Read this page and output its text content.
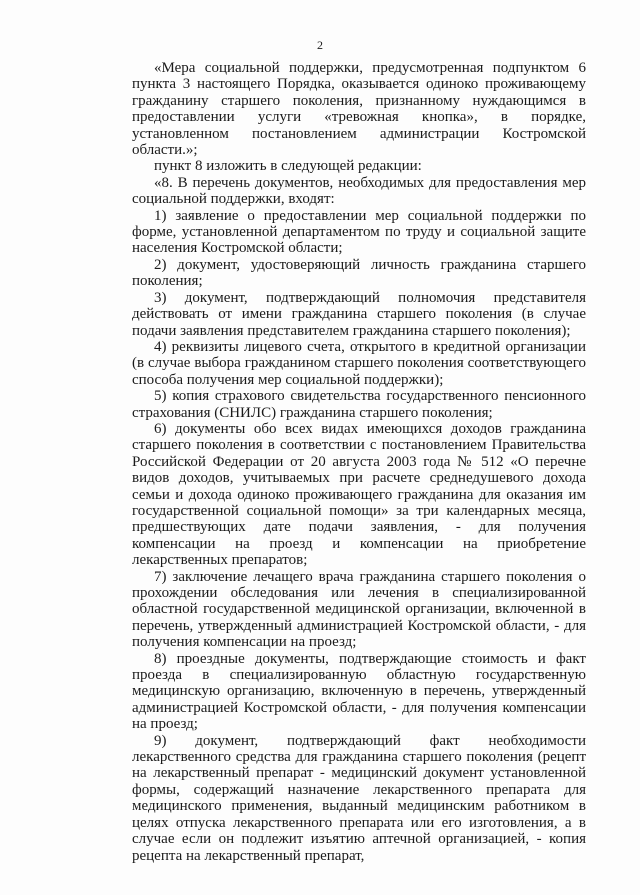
2

«Мера социальной поддержки, предусмотренная подпунктом 6 пункта 3 настоящего Порядка, оказывается одиноко проживающему гражданину старшего поколения, признанному нуждающимся в предоставлении услуги «тревожная кнопка», в порядке, установленном постановлением администрации Костромской области.»;

пункт 8 изложить в следующей редакции:

«8. В перечень документов, необходимых для предоставления мер социальной поддержки, входят:

1) заявление о предоставлении мер социальной поддержки по форме, установленной департаментом по труду и социальной защите населения Костромской области;

2) документ, удостоверяющий личность гражданина старшего поколения;

3) документ, подтверждающий полномочия представителя действовать от имени гражданина старшего поколения (в случае подачи заявления представителем гражданина старшего поколения);

4) реквизиты лицевого счета, открытого в кредитной организации (в случае выбора гражданином старшего поколения соответствующего способа получения мер социальной поддержки);

5) копия страхового свидетельства государственного пенсионного страхования (СНИЛС) гражданина старшего поколения;

6) документы обо всех видах имеющихся доходов гражданина старшего поколения в соответствии с постановлением Правительства Российской Федерации от 20 августа 2003 года № 512 «О перечне видов доходов, учитываемых при расчете среднедушевого дохода семьи и дохода одиноко проживающего гражданина для оказания им государственной социальной помощи» за три календарных месяца, предшествующих дате подачи заявления, - для получения компенсации на проезд и компенсации на приобретение лекарственных препаратов;

7) заключение лечащего врача гражданина старшего поколения о прохождении обследования или лечения в специализированной областной государственной медицинской организации, включенной в перечень, утвержденный администрацией Костромской области, - для получения компенсации на проезд;

8) проездные документы, подтверждающие стоимость и факт проезда в специализированную областную государственную медицинскую организацию, включенную в перечень, утвержденный администрацией Костромской области, - для получения компенсации на проезд;

9) документ, подтверждающий факт необходимости лекарственного средства для гражданина старшего поколения (рецепт на лекарственный препарат - медицинский документ установленной формы, содержащий назначение лекарственного препарата для медицинского применения, выданный медицинским работником в целях отпуска лекарственного препарата или его изготовления, а в случае если он подлежит изъятию аптечной организацией, - копия рецепта на лекарственный препарат,
